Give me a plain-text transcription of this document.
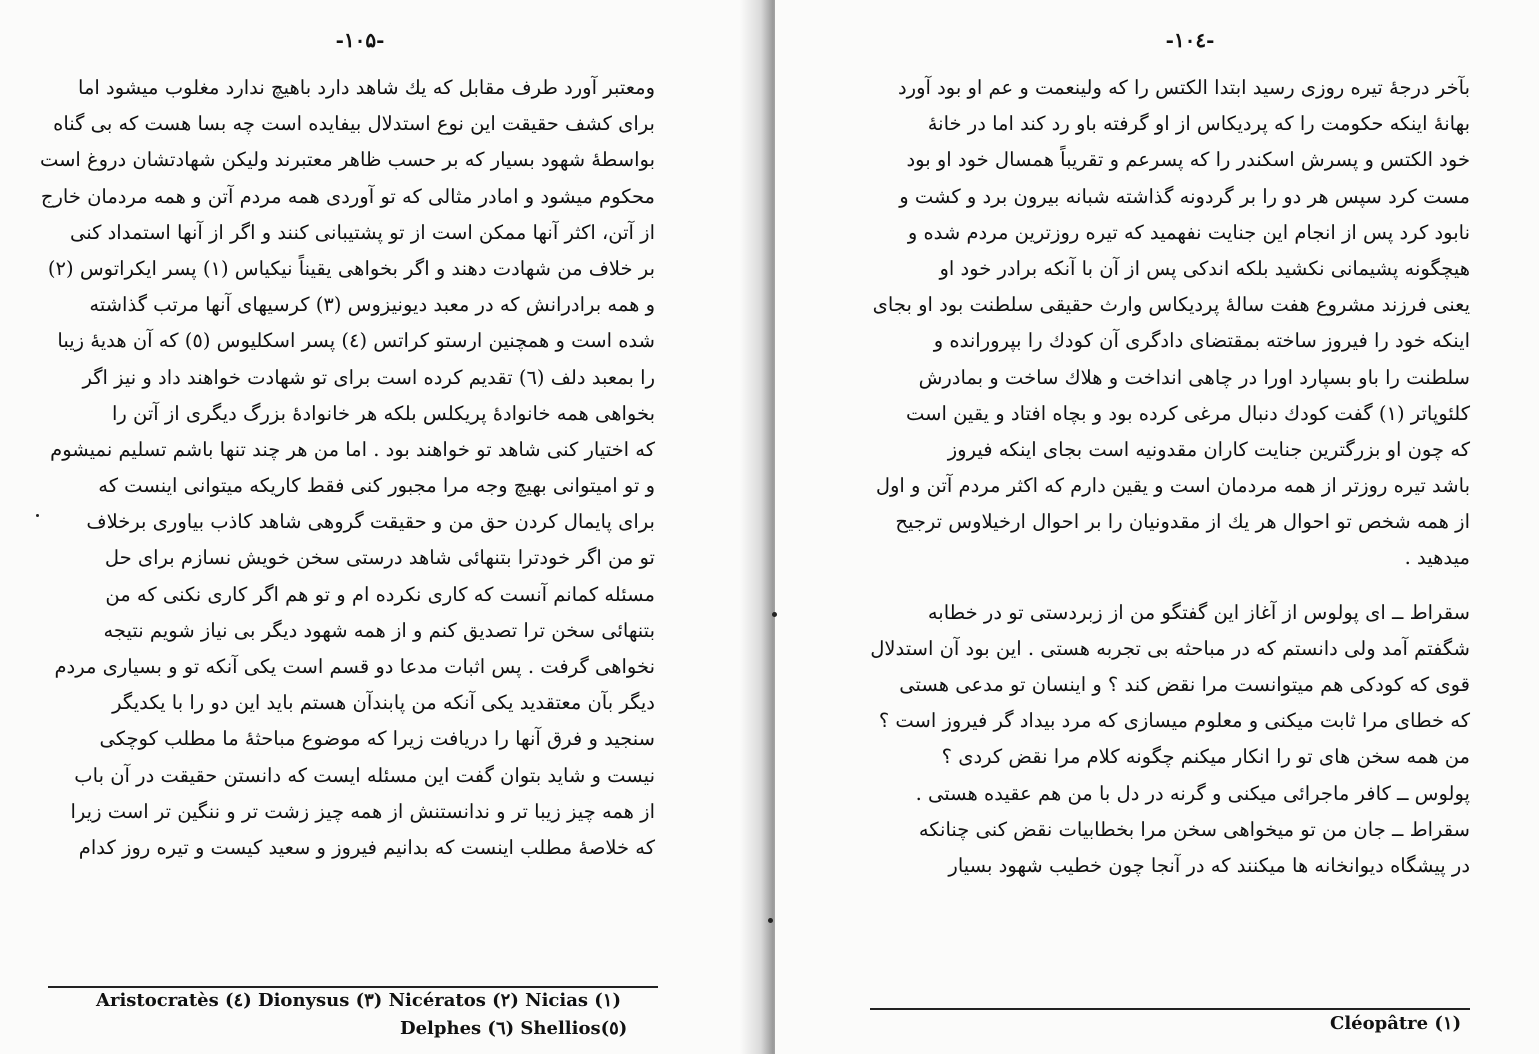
-۱۰۵-
ومعتبر آورد طرف مقابل که یك شاهد دارد باهیچ ندارد مغلوب میشود اما
برای کشف حقیقت این نوع استدلال بیفایده است چه بسا هست که بی گناه
بواسطهٔ شهود بسیار که بر حسب ظاهر معتبرند ولیکن شهادتشان دروغ است
محکوم میشود و امادر مثالی که تو آوردی همه مردم آتن و همه مردمان خارج
از آتن، اکثر آنها ممکن است از تو پشتیبانی کنند و اگر از آنها استمداد کنی
بر خلاف من شهادت دهند و اگر بخواهی یقیناً نیکیاس (۱) پسر ایکراتوس (۲)
و همه برادرانش که در معبد دیونیزوس (۳) کرسیهای آنها مرتب گذاشته
شده است و همچنین ارستو کراتس (٤) پسر اسکلیوس (٥) که آن هدیهٔ زیبا
را بمعبد دلف (٦) تقدیم کرده است برای تو شهادت خواهند داد و نیز اگر
بخواهی همه خانوادهٔ پریکلس بلکه هر خانوادهٔ بزرگ دیگری از آتن را
که اختیار کنی شاهد تو خواهند بود . اما من هر چند تنها باشم تسلیم نمیشوم
و تو امیتوانی بهیچ وجه مرا مجبور کنی فقط کاریکه میتوانی اینست که
برای پایمال کردن حق من و حقیقت گروهی شاهد کاذب بیاوری برخلاف
تو من اگر خودترا بتنهائی شاهد درستی سخن خویش نسازم برای حل
مسئله کمانم آنست که کاری نکرده ام و تو هم اگر کاری نکنی که من
بتنهائی سخن ترا تصدیق کنم و از همه شهود دیگر بی نیاز شویم نتیجه
نخواهی گرفت . پس اثبات مدعا دو قسم است یکی آنکه تو و بسیاری مردم
دیگر بآن معتقدید یکی آنکه من پابندآن هستم باید این دو را با یکدیگر
سنجید و فرق آنها را دریافت زیرا که موضوع مباحثهٔ ما مطلب کوچکی
نیست و شاید بتوان گفت این مسئله ایست که دانستن حقیقت در آن باب
از همه چیز زیبا تر و ندانستنش از همه چیز زشت تر و ننگین تر است زیرا
که خلاصهٔ مطلب اینست که بدانیم فیروز و سعید کیست و تیره روز کدام
Aristocratès (٤) Dionysus (٣) Nicératos (٢) Nicias (١)
Delphes (٦) Shellios(٥)
-۱۰٤-
بآخر درجهٔ تیره روزی رسید ابتدا الکتس را که ولینعمت و عم او بود آورد
بهانهٔ اینکه حکومت را که پردیکاس از او گرفته باو رد کند اما در خانهٔ
خود الکتس و پسرش اسکندر را که پسرعم و تقریباً همسال خود او بود
مست کرد سپس هر دو را بر گردونه گذاشته شبانه بیرون برد و کشت و
نابود کرد پس از انجام این جنایت نفهمید که تیره روزترین مردم شده و
هیچگونه پشیمانی نکشید بلکه اندکی پس از آن با آنکه برادر خود او
یعنی فرزند مشروع هفت سالهٔ پردیکاس وارث حقیقی سلطنت بود او بجای
اینکه خود را فیروز ساخته بمقتضای دادگری آن کودك را بپرورانده و
سلطنت را باو بسپارد اورا در چاهی انداخت و هلاك ساخت و بمادرش
کلئوپاتر (۱) گفت کودك دنبال مرغی کرده بود و بچاه افتاد و یقین است
که چون او بزرگترین جنایت کاران مقدونیه است بجای اینکه فیروز
باشد تیره روزتر از همه مردمان است و یقین دارم که اکثر مردم آتن و اول
از همه شخص تو احوال هر یك از مقدونیان را بر احوال ارخیلاوس ترجیح
میدهید .
سقراط ــ ای پولوس از آغاز این گفتگو من از زبردستی تو در خطابه
شگفتم آمد ولی دانستم که در مباحثه بی تجربه هستی . این بود آن استدلال
قوی که کودکی هم میتوانست مرا نقض کند ؟ و اینسان تو مدعی هستی
که خطای مرا ثابت میکنی و معلوم میسازی که مرد بیداد گر فیروز است ؟
من همه سخن های تو را انکار میکنم چگونه کلام مرا نقض کردی ؟
پولوس ــ کافر ماجرائی میکنی و گرنه در دل با من هم عقیده هستی .
سقراط ــ جان من تو میخواهی سخن مرا بخطابیات نقض کنی چنانکه
در پیشگاه دیوانخانه ها میکنند که در آنجا چون خطیب شهود بسیار
Cléopâtre (١)
